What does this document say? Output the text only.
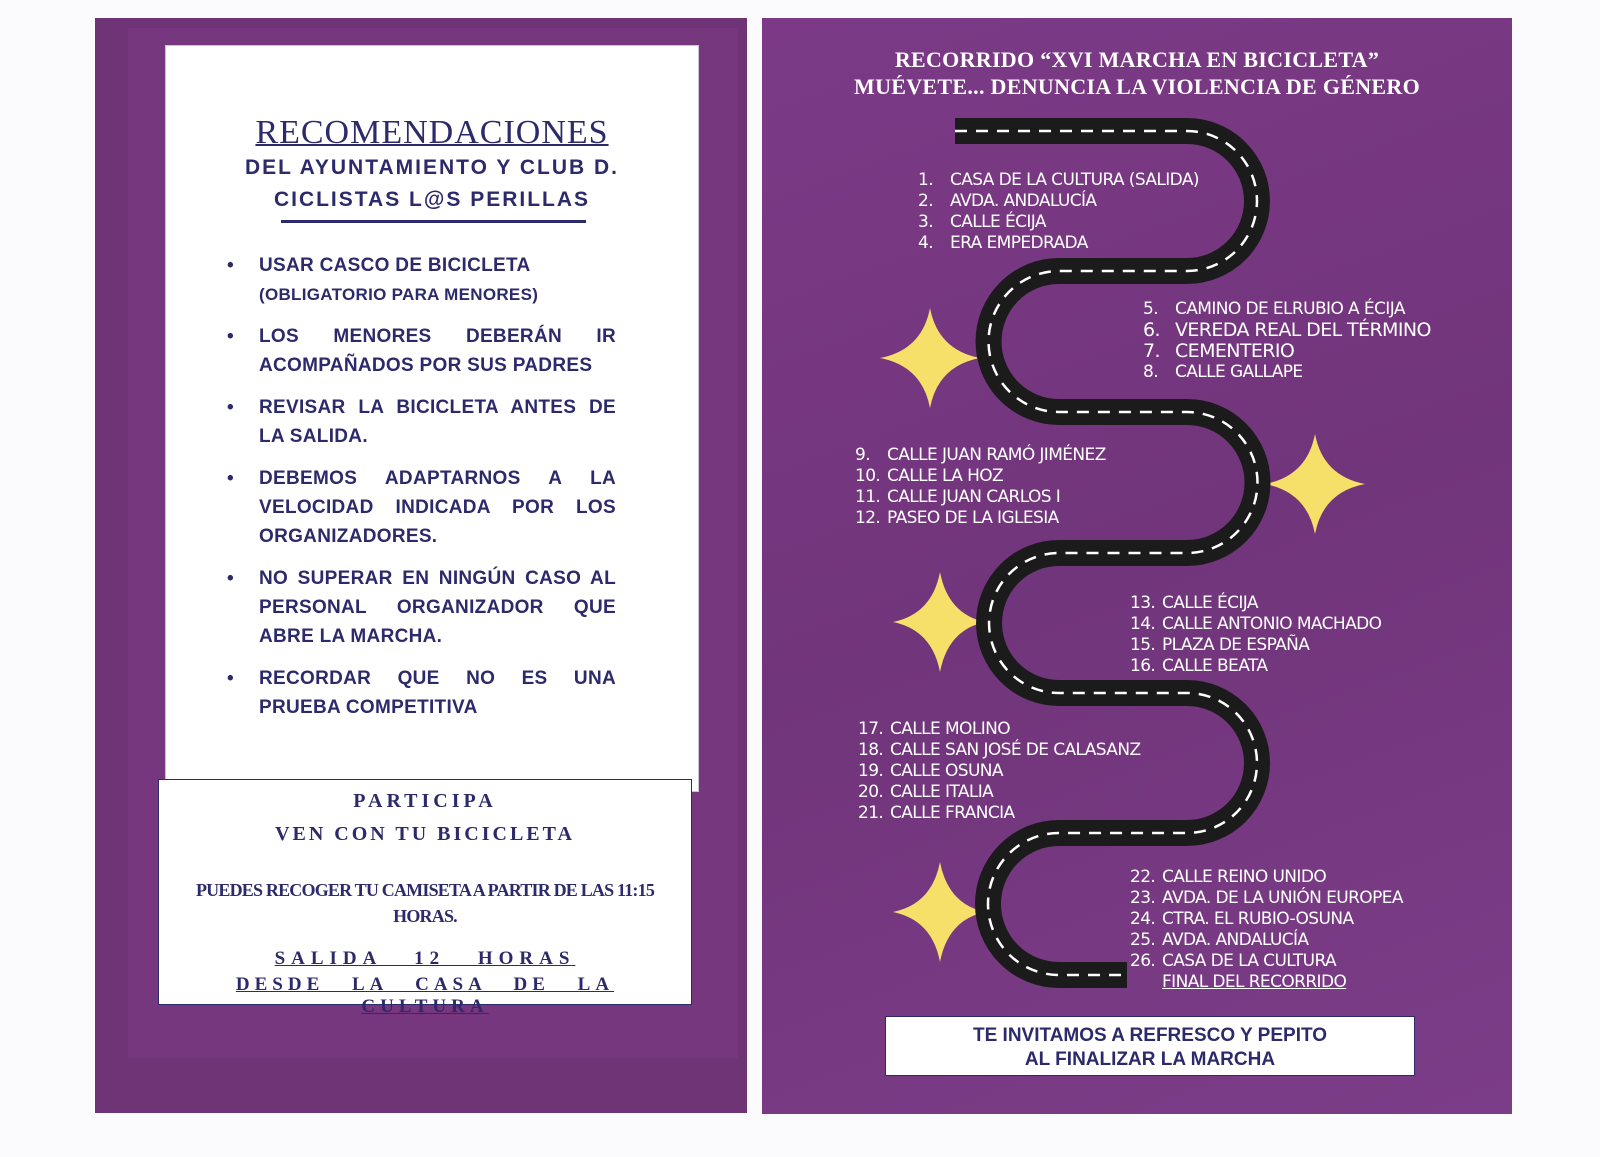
RECOMENDACIONES
DEL AYUNTAMIENTO Y CLUB D.
CICLISTAS L@S PERILLAS
• USAR CASCO DE BICICLETA
(OBLIGATORIO PARA MENORES)
• LOS MENORES DEBERÁN IR ACOMPAÑADOS POR SUS PADRES
• REVISAR LA BICICLETA ANTES DE LA SALIDA.
• DEBEMOS ADAPTARNOS A LA VELOCIDAD INDICADA POR LOS ORGANIZADORES.
• NO SUPERAR EN NINGÚN CASO AL PERSONAL ORGANIZADOR QUE ABRE LA MARCHA.
• RECORDAR QUE NO ES UNA PRUEBA COMPETITIVA
PARTICIPA
VEN CON TU BICICLETA
PUEDES RECOGER TU CAMISETA A PARTIR DE LAS 11:15 HORAS.
SALIDA 12 HORAS
DESDE LA CASA DE LA CULTURA
RECORRIDO “XVI MARCHA EN BICICLETA”
MUÉVETE... DENUNCIA LA VIOLENCIA DE GÉNERO
1. CASA DE LA CULTURA (SALIDA)
2. AVDA. ANDALUCÍA
3. CALLE ÉCIJA
4. ERA EMPEDRADA
5. CAMINO DE ELRUBIO A ÉCIJA
6. VEREDA REAL DEL TÉRMINO
7. CEMENTERIO
8. CALLE GALLAPE
9. CALLE JUAN RAMÓ JIMÉNEZ
10. CALLE LA HOZ
11. CALLE JUAN CARLOS I
12. PASEO DE LA IGLESIA
13. CALLE ÉCIJA
14. CALLE ANTONIO MACHADO
15. PLAZA DE ESPAÑA
16. CALLE BEATA
17. CALLE MOLINO
18. CALLE SAN JOSÉ DE CALASANZ
19. CALLE OSUNA
20. CALLE ITALIA
21. CALLE FRANCIA
22. CALLE REINO UNIDO
23. AVDA. DE LA UNIÓN EUROPEA
24. CTRA. EL RUBIO-OSUNA
25. AVDA. ANDALUCÍA
26. CASA DE LA CULTURA
FINAL DEL RECORRIDO
TE INVITAMOS A REFRESCO Y PEPITO
AL FINALIZAR LA MARCHA
